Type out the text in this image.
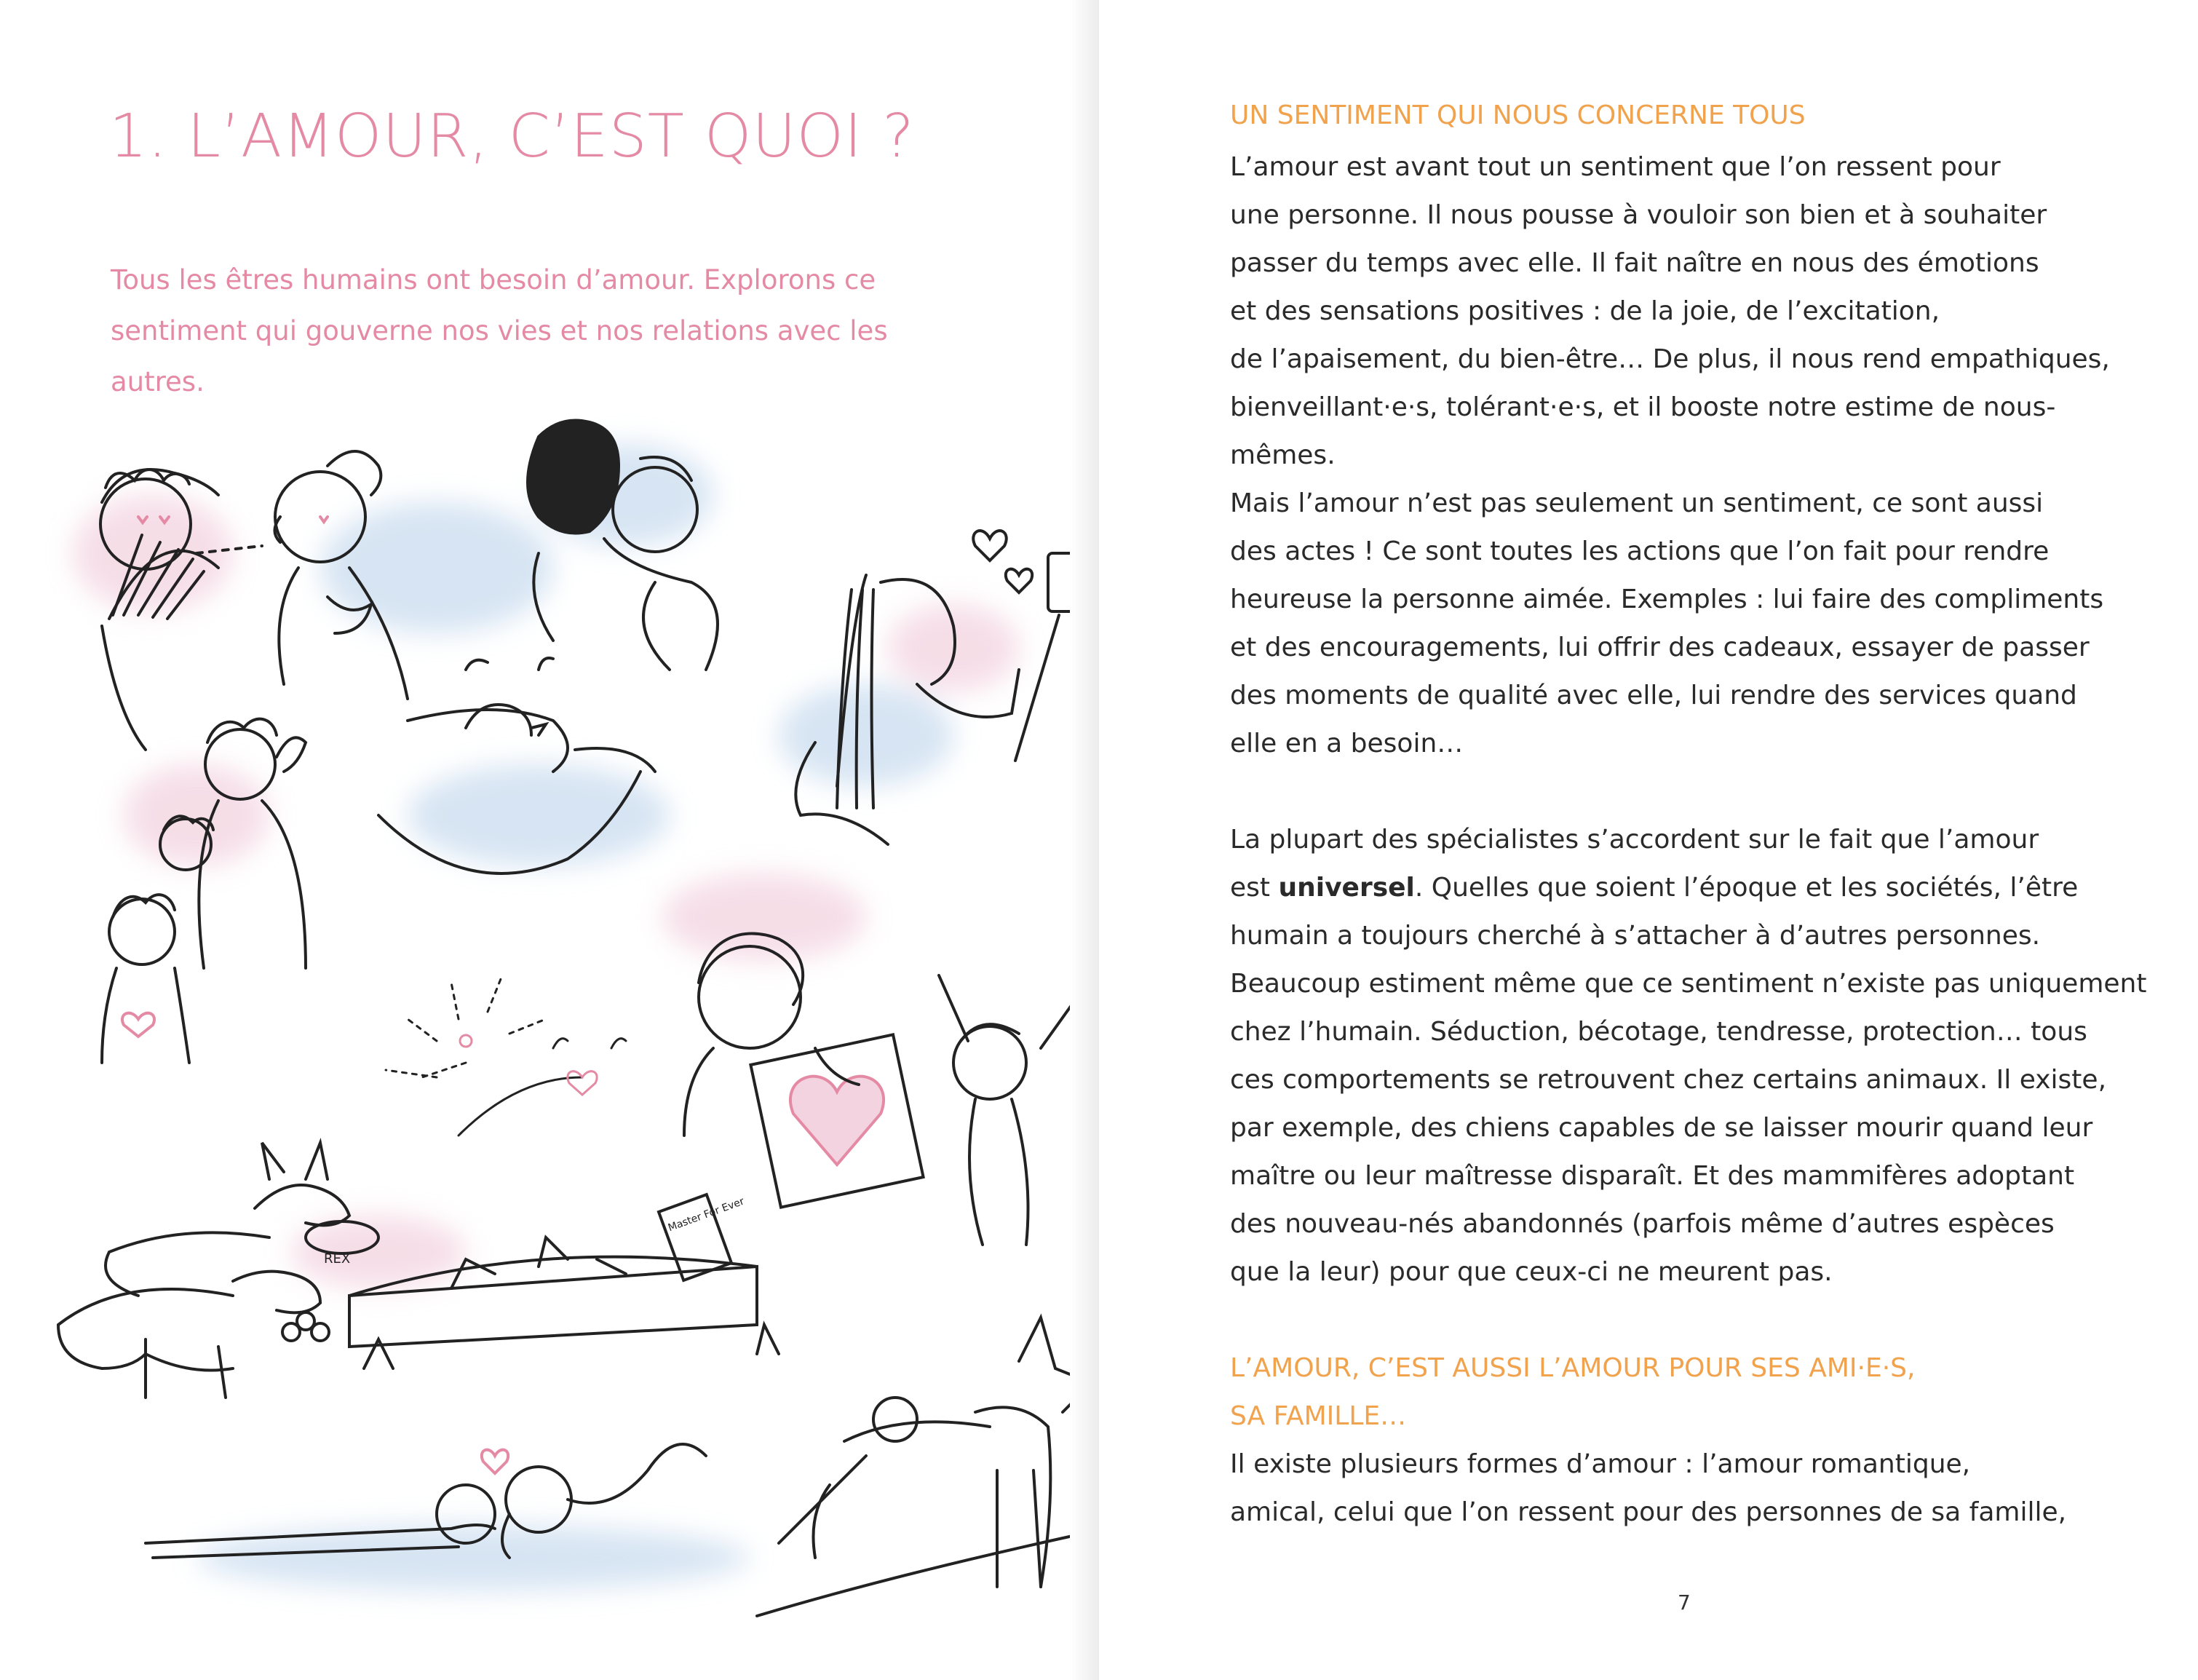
1. L’AMOUR, C’EST QUOI ?

Tous les êtres humains ont besoin d’amour. Explorons ce sentiment qui gouverne nos vies et nos relations avec les autres.

REX
Master For Ever
UN SENTIMENT QUI NOUS CONCERNE TOUS

L’amour est avant tout un sentiment que l’on ressent pour
une personne. Il nous pousse à vouloir son bien et à souhaiter
passer du temps avec elle. Il fait naître en nous des émotions
et des sensations positives : de la joie, de l’excitation,
de l’apaisement, du bien-être… De plus, il nous rend empathiques,
bienveillant·e·s, tolérant·e·s, et il booste notre estime de nous-mêmes.
Mais l’amour n’est pas seulement un sentiment, ce sont aussi
des actes ! Ce sont toutes les actions que l’on fait pour rendre
heureuse la personne aimée. Exemples : lui faire des compliments
et des encouragements, lui offrir des cadeaux, essayer de passer
des moments de qualité avec elle, lui rendre des services quand
elle en a besoin…

La plupart des spécialistes s’accordent sur le fait que l’amour
est universel. Quelles que soient l’époque et les sociétés, l’être
humain a toujours cherché à s’attacher à d’autres personnes.
Beaucoup estiment même que ce sentiment n’existe pas uniquement
chez l’humain. Séduction, bécotage, tendresse, protection… tous
ces comportements se retrouvent chez certains animaux. Il existe,
par exemple, des chiens capables de se laisser mourir quand leur
maître ou leur maîtresse disparaît. Et des mammifères adoptant
des nouveau-nés abandonnés (parfois même d’autres espèces
que la leur) pour que ceux-ci ne meurent pas.

L’AMOUR, C’EST AUSSI L’AMOUR POUR SES AMI·E·S,
SA FAMILLE…

Il existe plusieurs formes d’amour : l’amour romantique,
amical, celui que l’on ressent pour des personnes de sa famille,

7
